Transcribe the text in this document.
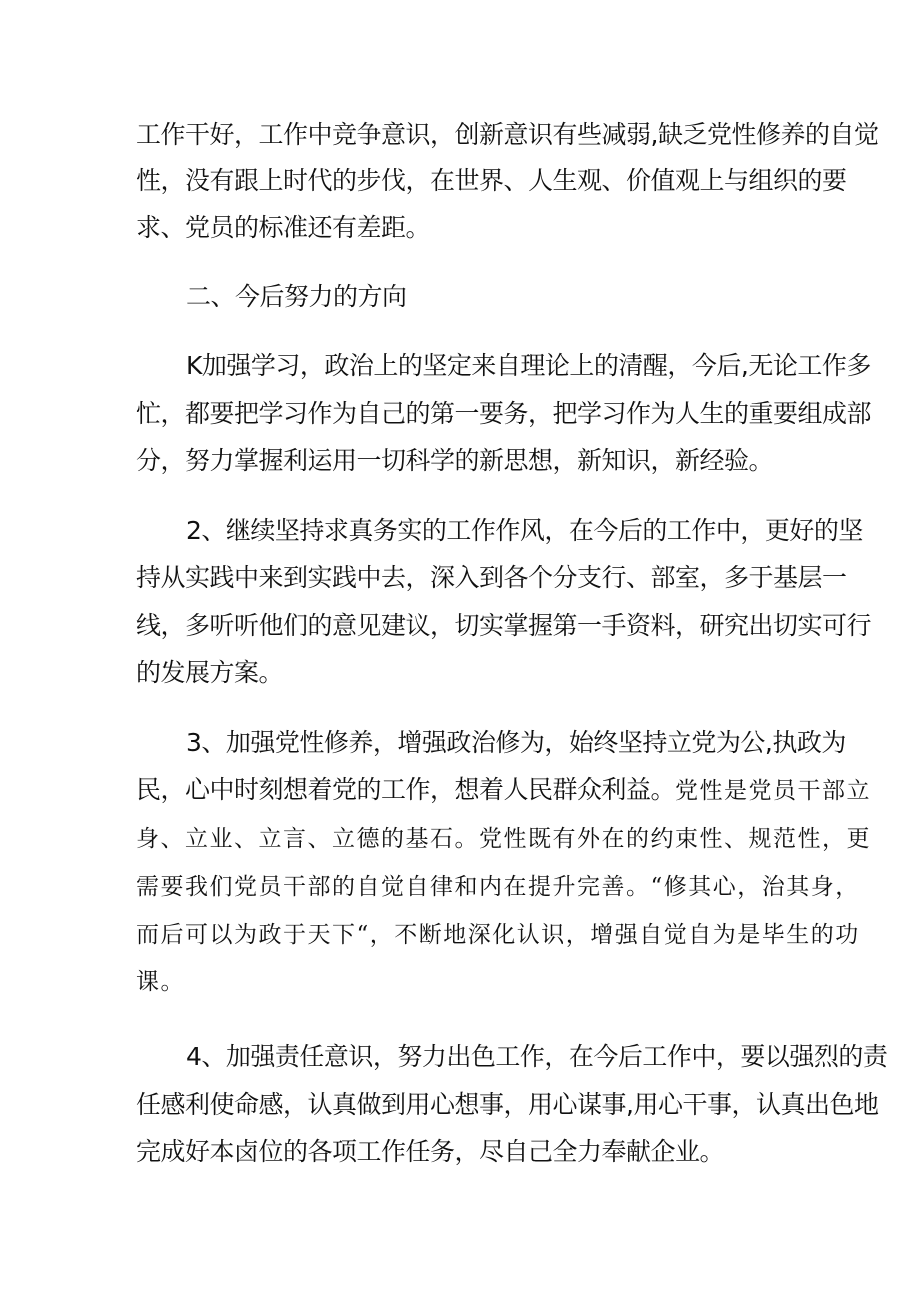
工作干好，工作中竞争意识，创新意识有些减弱,缺乏党性修养的自觉
性，没有跟上时代的步伐，在世界、人生观、价值观上与组织的要
求、党员的标准还有差距。
二、今后努力的方向
K加强学习，政治上的坚定来自理论上的清醒，今后,无论工作多
忙，都要把学习作为自己的第一要务，把学习作为人生的重要组成部
分，努力掌握利运用一切科学的新思想，新知识，新经验。
2、继续坚持求真务实的工作作风，在今后的工作中，更好的坚
持从实践中来到实践中去，深入到各个分支行、部室，多于基层一
线，多听听他们的意见建议，切实掌握第一手资料，研究出切实可行
的发展方案。
3、加强党性修养，增强政治修为，始终坚持立党为公,执政为
民，心中时刻想着党的工作，想着人民群众利益。党性是党员干部立
身、立业、立言、立德的基石。党性既有外在的约束性、规范性，更
需要我们党员干部的自觉自律和内在提升完善。“修其心，治其身，
而后可以为政于天下“，不断地深化认识，增强自觉自为是毕生的功
课。
4、加强责任意识，努力出色工作，在今后工作中，要以强烈的责
任感利使命感，认真做到用心想事，用心谋事,用心干事，认真出色地
完成好本卤位的各项工作任务，尽自己全力奉献企业。
